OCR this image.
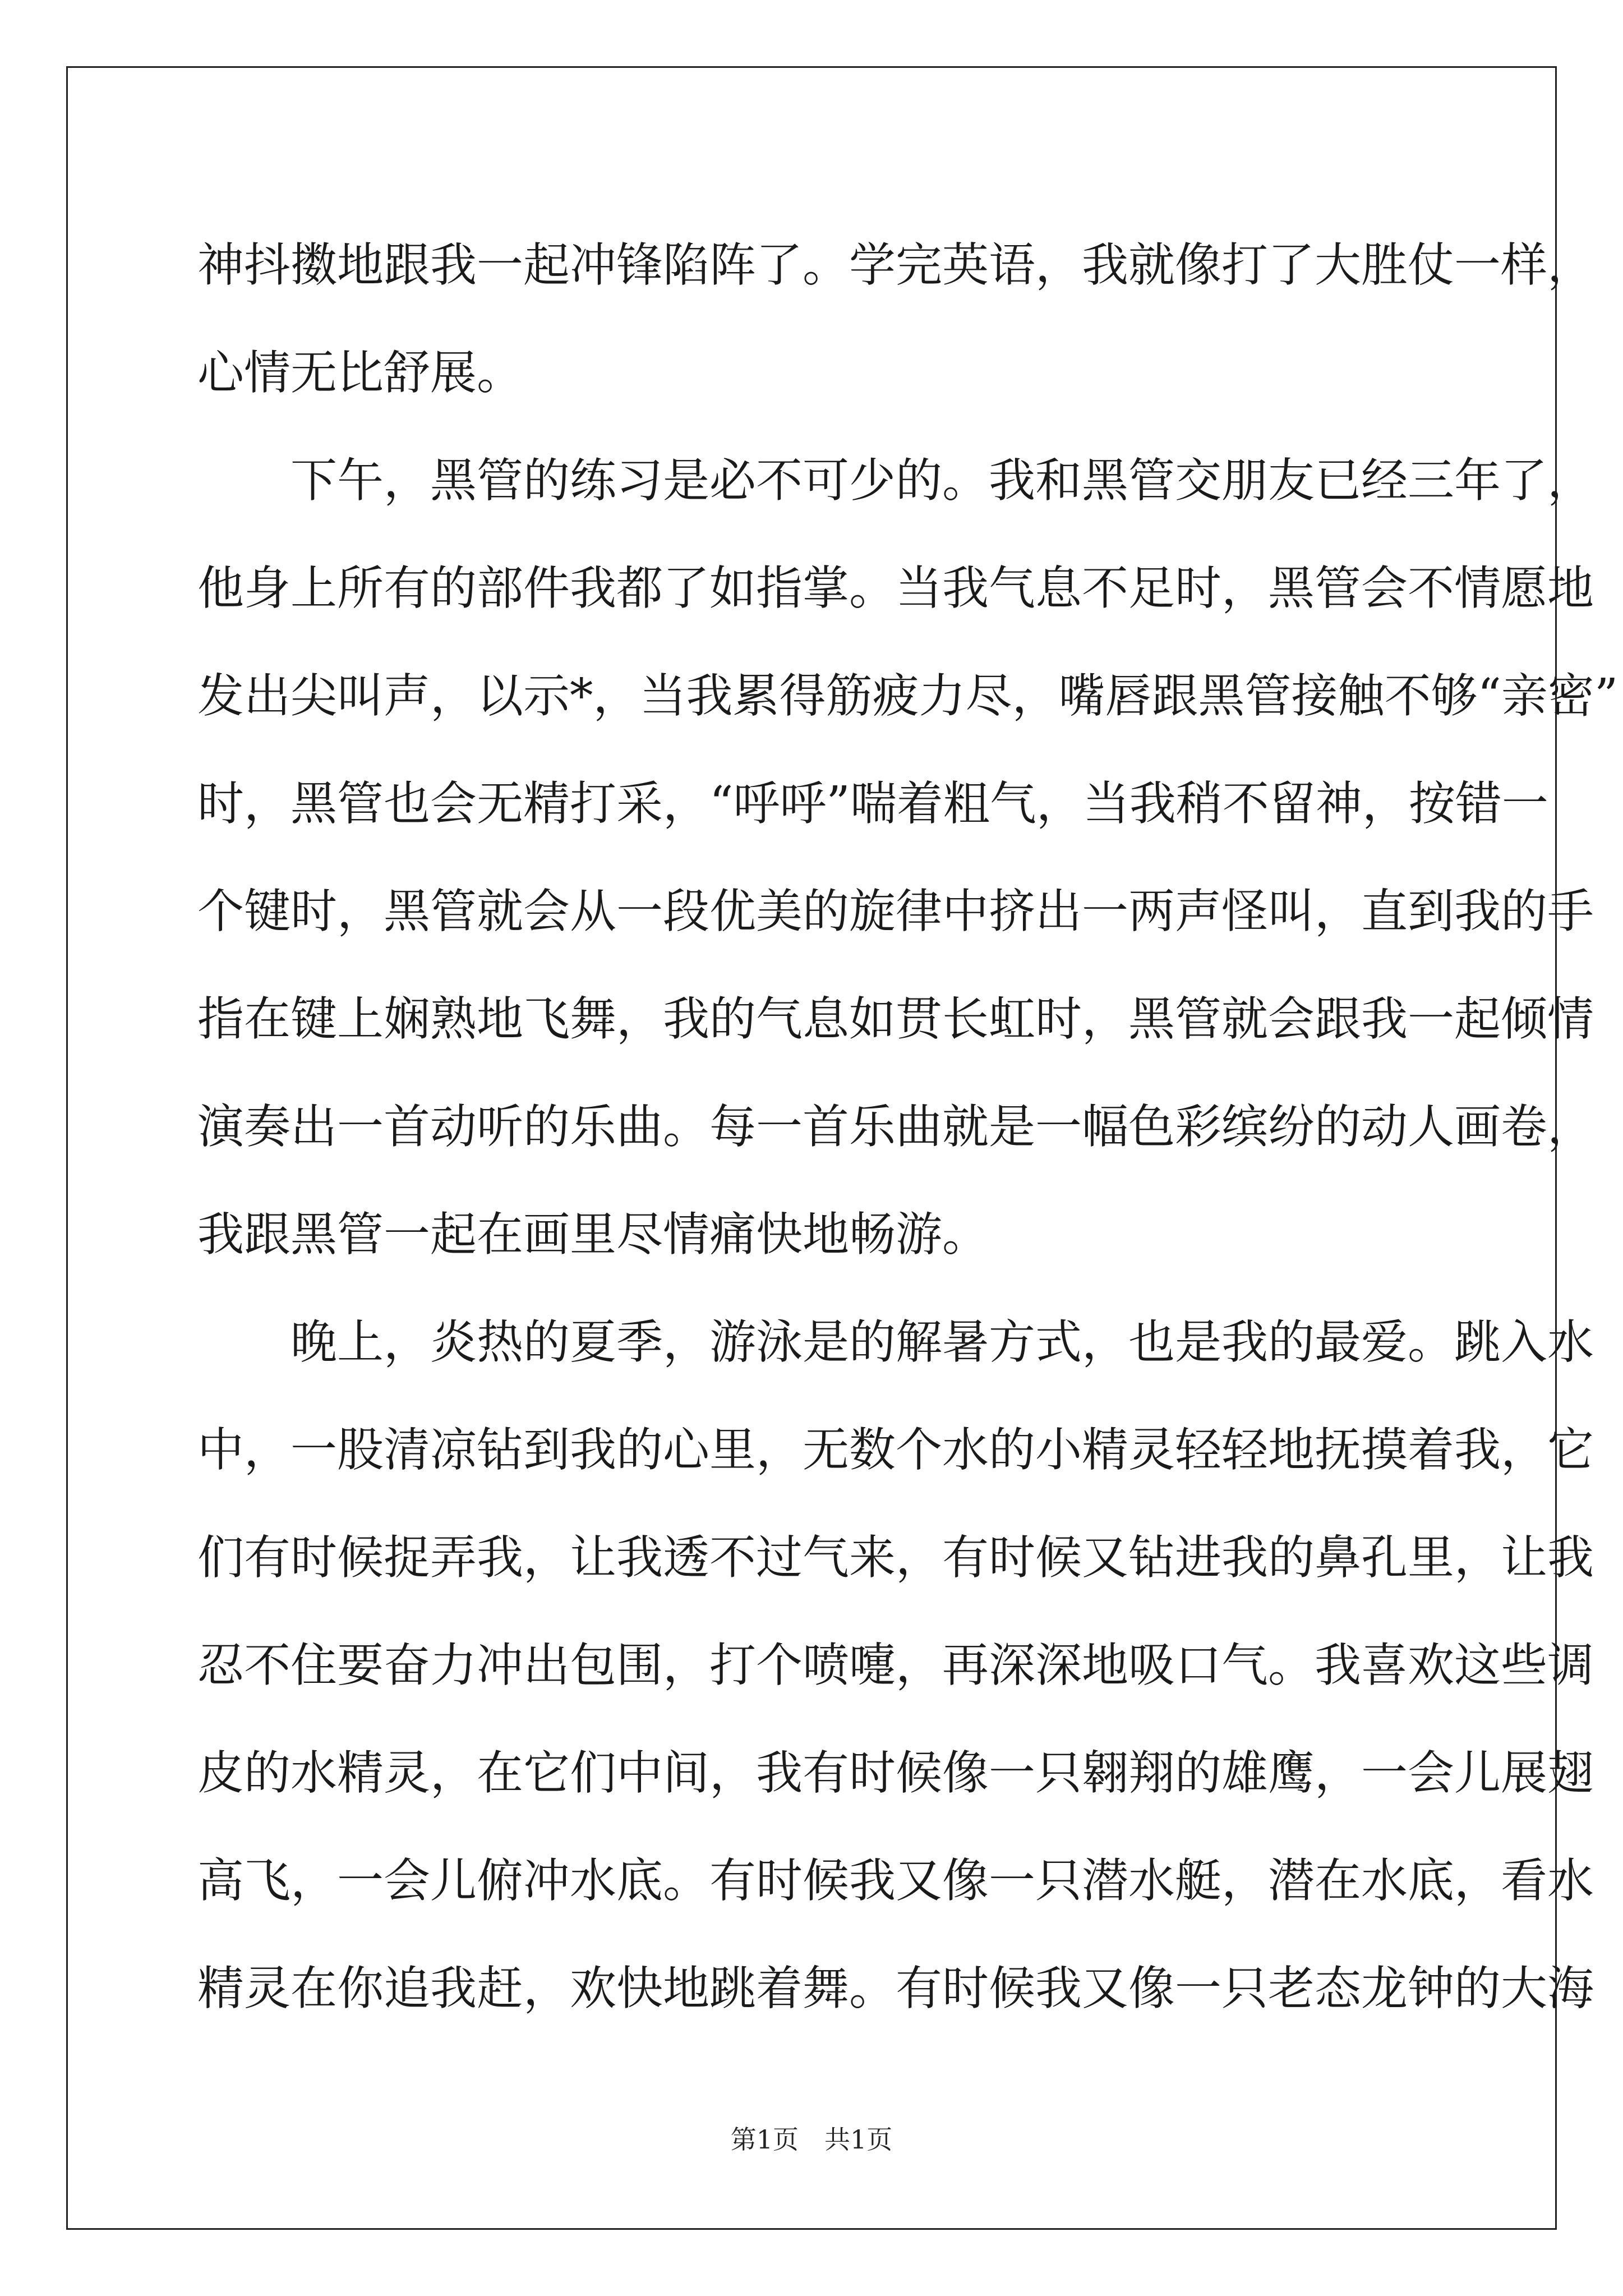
神抖擞地跟我一起冲锋陷阵了。学完英语，我就像打了大胜仗一样，
心情无比舒展。
　　下午，黑管的练习是必不可少的。我和黑管交朋友已经三年了，
他身上所有的部件我都了如指掌。当我气息不足时，黑管会不情愿地
发出尖叫声，以示*，当我累得筋疲力尽，嘴唇跟黑管接触不够“亲密”
时，黑管也会无精打采，“呼呼”喘着粗气，当我稍不留神，按错一
个键时，黑管就会从一段优美的旋律中挤出一两声怪叫，直到我的手
指在键上娴熟地飞舞，我的气息如贯长虹时，黑管就会跟我一起倾情
演奏出一首动听的乐曲。每一首乐曲就是一幅色彩缤纷的动人画卷，
我跟黑管一起在画里尽情痛快地畅游。
　　晚上，炎热的夏季，游泳是的解暑方式，也是我的最爱。跳入水
中，一股清凉钻到我的心里，无数个水的小精灵轻轻地抚摸着我，它
们有时候捉弄我，让我透不过气来，有时候又钻进我的鼻孔里，让我
忍不住要奋力冲出包围，打个喷嚏，再深深地吸口气。我喜欢这些调
皮的水精灵，在它们中间，我有时候像一只翱翔的雄鹰，一会儿展翅
高飞，一会儿俯冲水底。有时候我又像一只潜水艇，潜在水底，看水
精灵在你追我赶，欢快地跳着舞。有时候我又像一只老态龙钟的大海
第1页　共1页
